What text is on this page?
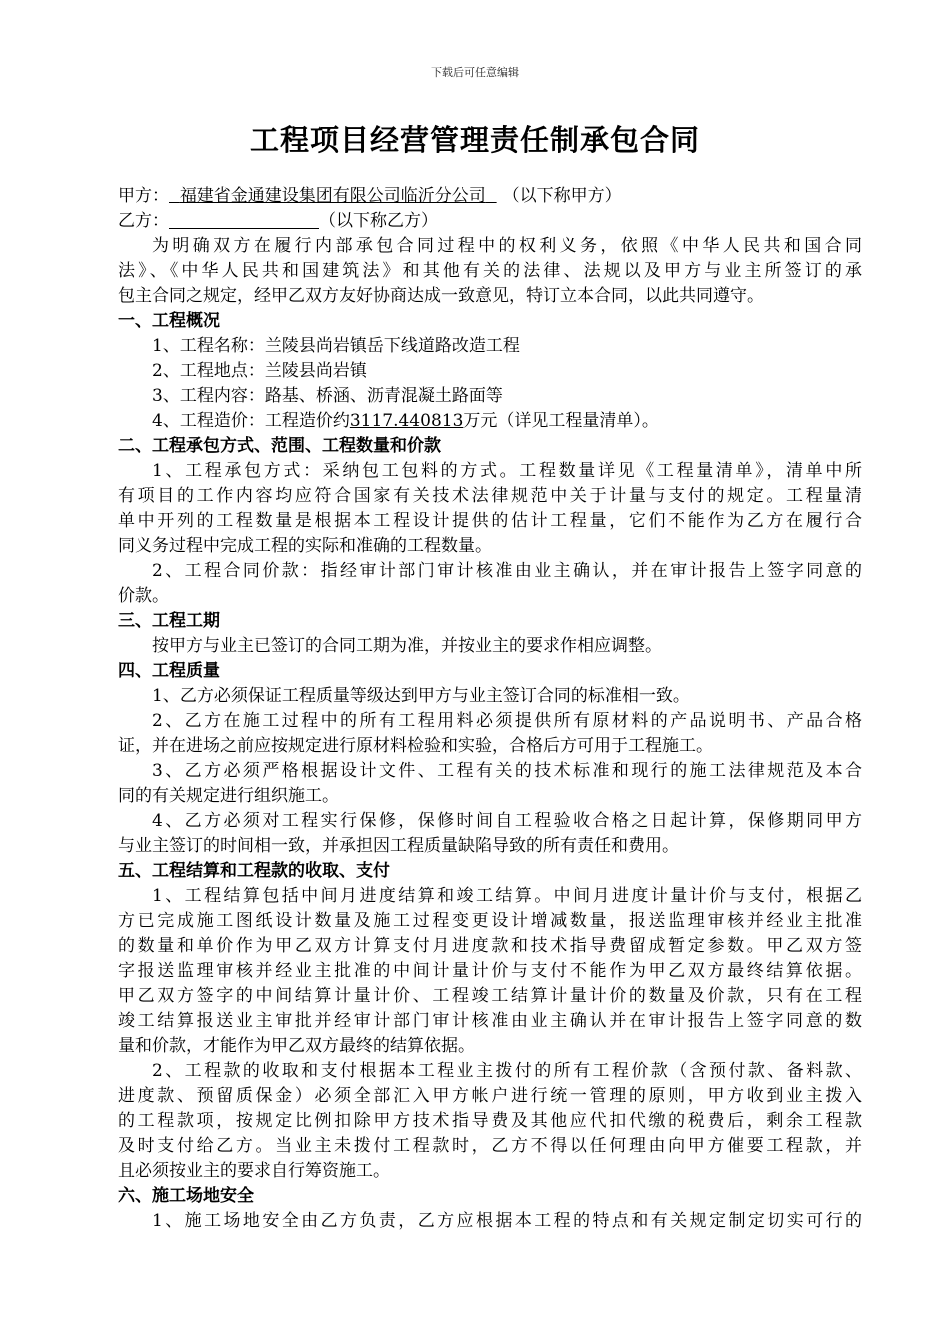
下载后可任意编辑
工程项目经营管理责任制承包合同
甲方： 福建省金通建设集团有限公司临沂分公司 （以下称甲方）
乙方：	（以下称乙方）
为明确双方在履行内部承包合同过程中的权利义务，依照《中华人民共和国合同
法》、《中华人民共和国建筑法》和其他有关的法律、法规以及甲方与业主所签订的承
包主合同之规定，经甲乙双方友好协商达成一致意见，特订立本合同，以此共同遵守。
一、工程概况
1、工程名称：兰陵县尚岩镇岳下线道路改造工程
2、工程地点：兰陵县尚岩镇
3、工程内容：路基、桥涵、沥青混凝土路面等
4、工程造价：工程造价约3117.440813万元（详见工程量清单）。
二、工程承包方式、范围、工程数量和价款
1、工程承包方式：采纳包工包料的方式。工程数量详见《工程量清单》，清单中所
有项目的工作内容均应符合国家有关技术法律规范中关于计量与支付的规定。工程量清
单中开列的工程数量是根据本工程设计提供的估计工程量，它们不能作为乙方在履行合
同义务过程中完成工程的实际和准确的工程数量。
2、工程合同价款：指经审计部门审计核准由业主确认，并在审计报告上签字同意的
价款。
三、工程工期
按甲方与业主已签订的合同工期为准，并按业主的要求作相应调整。
四、工程质量
1、乙方必须保证工程质量等级达到甲方与业主签订合同的标准相一致。
2、乙方在施工过程中的所有工程用料必须提供所有原材料的产品说明书、产品合格
证，并在进场之前应按规定进行原材料检验和实验，合格后方可用于工程施工。
3、乙方必须严格根据设计文件、工程有关的技术标准和现行的施工法律规范及本合
同的有关规定进行组织施工。
4、乙方必须对工程实行保修，保修时间自工程验收合格之日起计算，保修期同甲方
与业主签订的时间相一致，并承担因工程质量缺陷导致的所有责任和费用。
五、工程结算和工程款的收取、支付
1、工程结算包括中间月进度结算和竣工结算。中间月进度计量计价与支付，根据乙
方已完成施工图纸设计数量及施工过程变更设计增减数量，报送监理审核并经业主批准
的数量和单价作为甲乙双方计算支付月进度款和技术指导费留成暂定参数。甲乙双方签
字报送监理审核并经业主批准的中间计量计价与支付不能作为甲乙双方最终结算依据。
甲乙双方签字的中间结算计量计价、工程竣工结算计量计价的数量及价款，只有在工程
竣工结算报送业主审批并经审计部门审计核准由业主确认并在审计报告上签字同意的数
量和价款，才能作为甲乙双方最终的结算依据。
2、工程款的收取和支付根据本工程业主拨付的所有工程价款（含预付款、备料款、
进度款、预留质保金）必须全部汇入甲方帐户进行统一管理的原则，甲方收到业主拨入
的工程款项，按规定比例扣除甲方技术指导费及其他应代扣代缴的税费后，剩余工程款
及时支付给乙方。当业主未拨付工程款时，乙方不得以任何理由向甲方催要工程款，并
且必须按业主的要求自行筹资施工。
六、施工场地安全
1、施工场地安全由乙方负责，乙方应根据本工程的特点和有关规定制定切实可行的
